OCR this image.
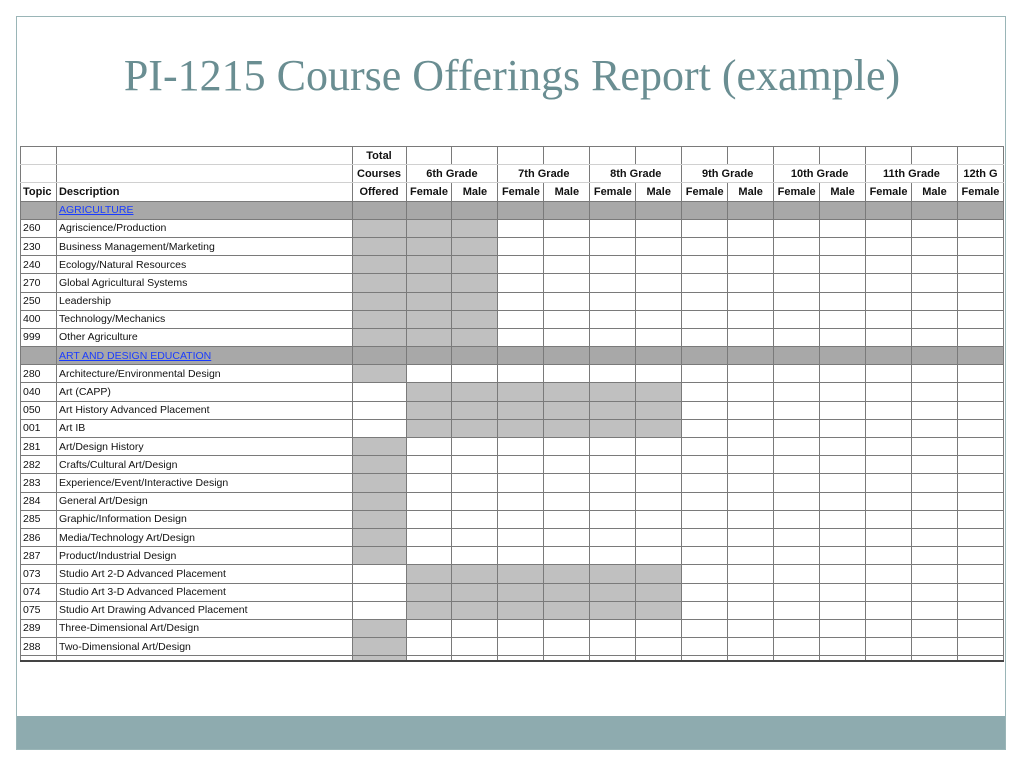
PI-1215 Course Offerings Report (example)
		Total													
		Courses	6th Grade		7th Grade		8th Grade		9th Grade		10th Grade		11th Grade		12th G
Topic	Description	Offered	Female	Male	Female	Male	Female	Male	Female	Male	Female	Male	Female	Male	Female
	AGRICULTURE														
260	Agriscience/Production														
230	Business Management/Marketing														
240	Ecology/Natural Resources														
270	Global Agricultural Systems														
250	Leadership														
400	Technology/Mechanics														
999	Other Agriculture														
	ART AND DESIGN EDUCATION														
280	Architecture/Environmental Design														
040	Art (CAPP)														
050	Art History Advanced Placement														
001	Art IB														
281	Art/Design History														
282	Crafts/Cultural Art/Design														
283	Experience/Event/Interactive Design														
284	General Art/Design														
285	Graphic/Information Design														
286	Media/Technology Art/Design														
287	Product/Industrial Design														
073	Studio Art 2-D Advanced Placement														
074	Studio Art 3-D Advanced Placement														
075	Studio Art Drawing Advanced Placement														
289	Three-Dimensional Art/Design														
288	Two-Dimensional Art/Design														
